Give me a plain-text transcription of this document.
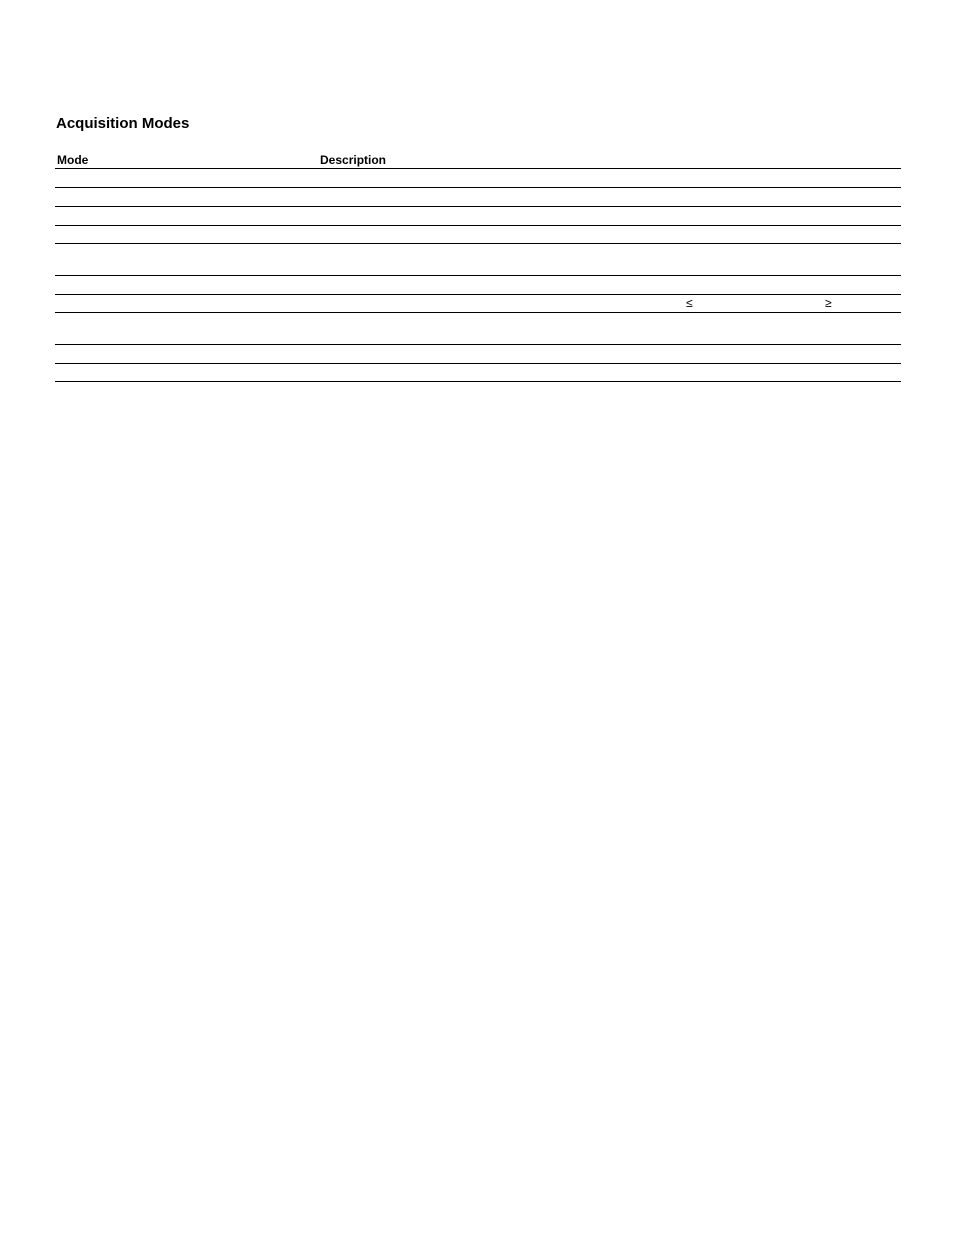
Acquisition Modes
Mode	Description
≤	≥
